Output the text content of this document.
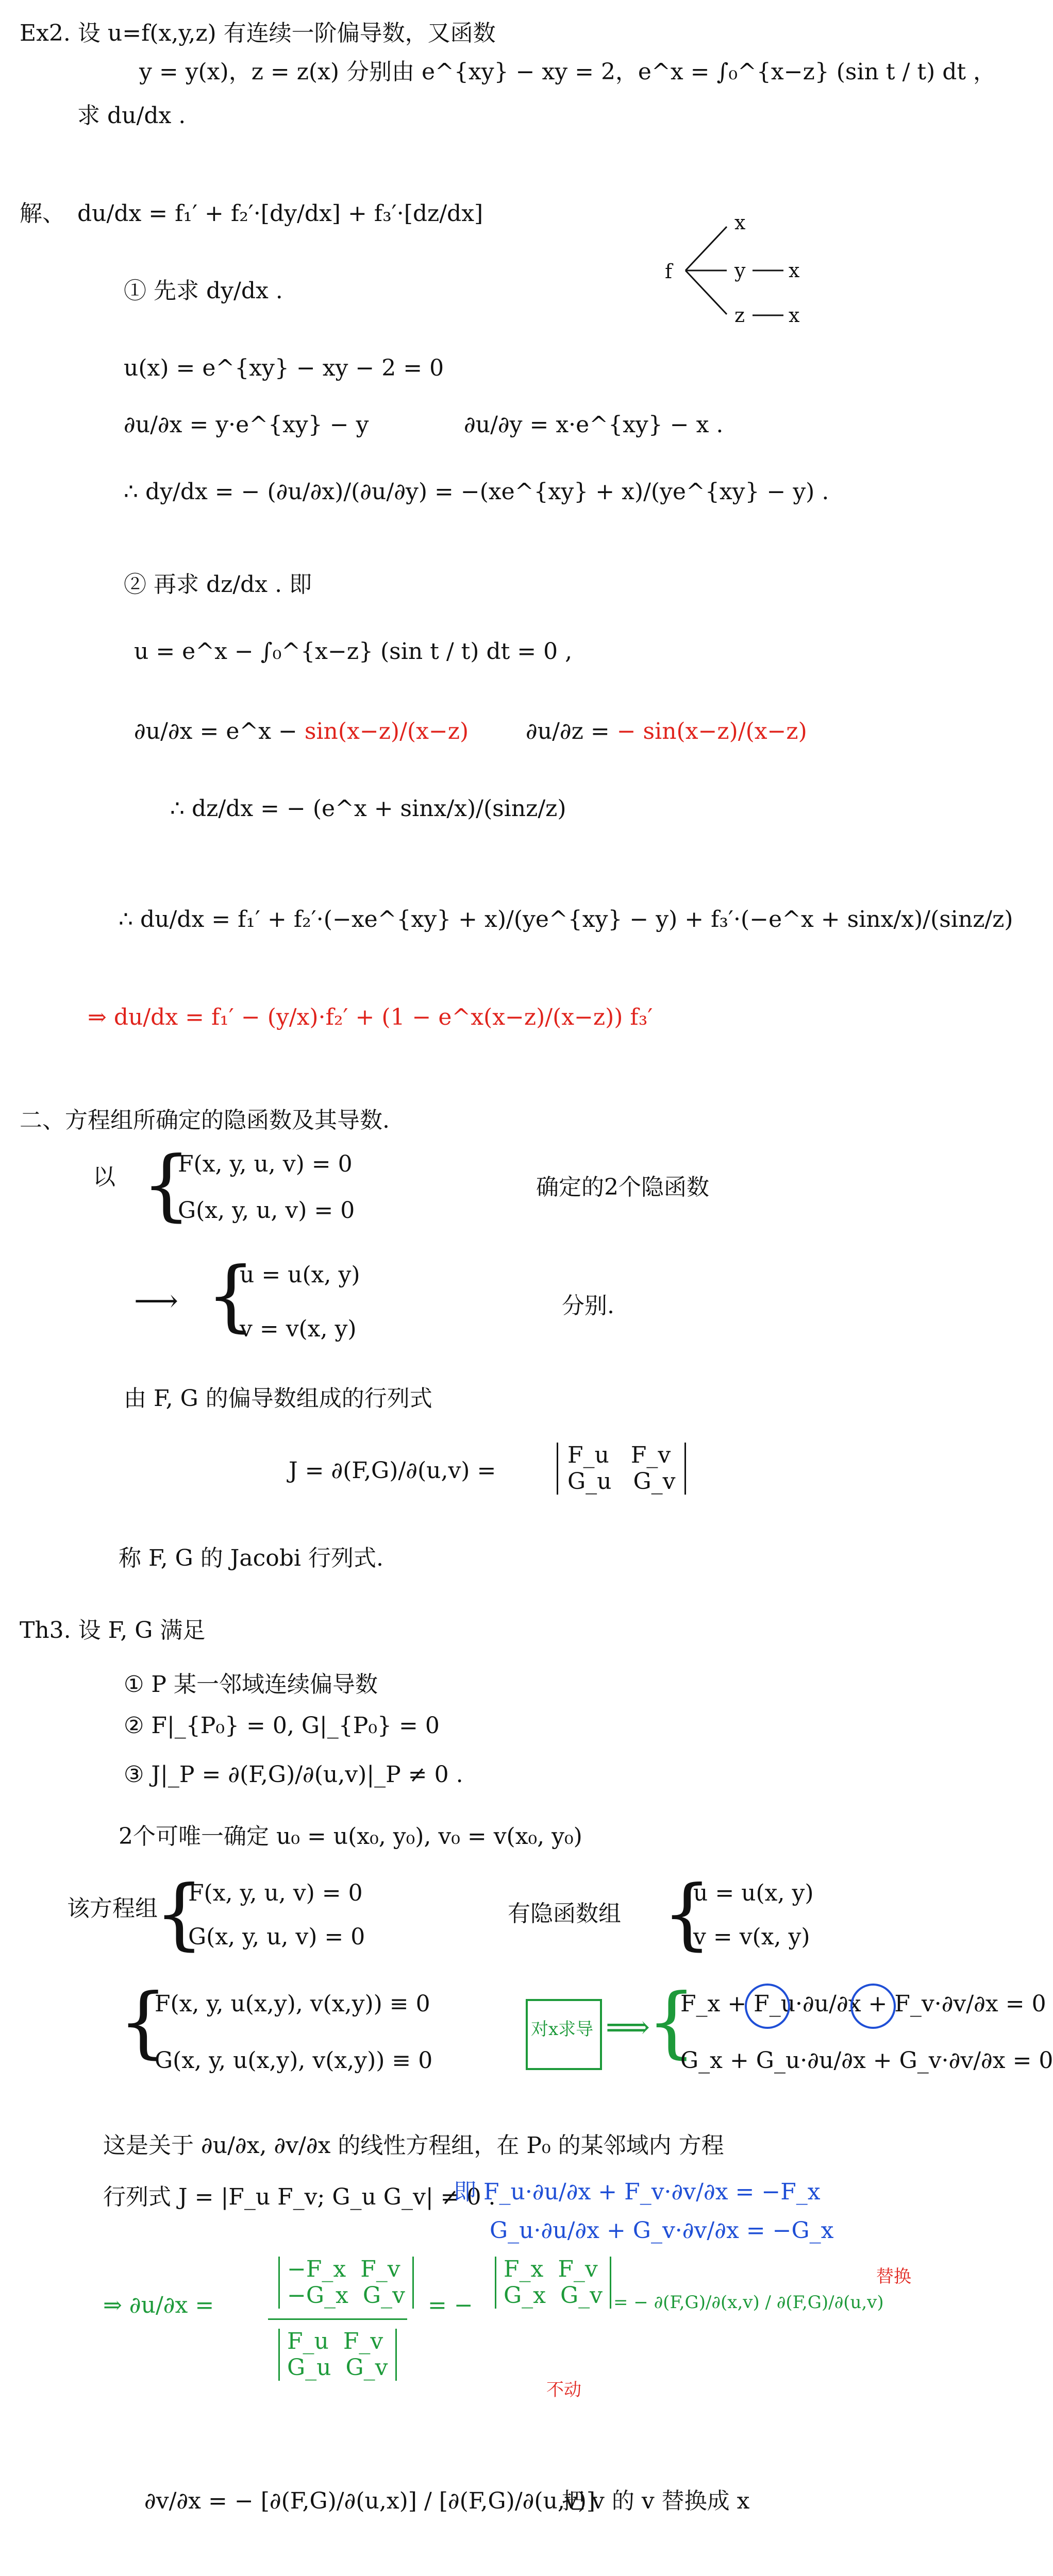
Ex2. 设 u=f(x,y,z) 有连续一阶偏导数，又函数
y = y(x)，z = z(x) 分别由 e^{xy} − xy = 2，e^x = ∫₀^{x−z} (sin t / t) dt ，
求 du/dx .
解、 du/dx = f₁′ + f₂′·[dy/dx] + f₃′·[dz/dx]
f
x
y x
z x
① 先求 dy/dx .
u(x) = e^{xy} − xy − 2 = 0
∂u/∂x = y·e^{xy} − y	∂u/∂y = x·e^{xy} − x .
∴ dy/dx = − (∂u/∂x)/(∂u/∂y) = −(xe^{xy} + x)/(ye^{xy} − y) .
② 再求 dz/dx . 即
u = e^x − ∫₀^{x−z} (sin t / t) dt = 0 ,
∂u/∂x = e^x − sin(x−z)/(x−z)	∂u/∂z = − sin(x−z)/(x−z)
∴ dz/dx = − (e^x + sinx/x)/(sinz/z)
∴ du/dx = f₁′ + f₂′·(−xe^{xy} + x)/(ye^{xy} − y) + f₃′·(−e^x + sinx/x)/(sinz/z)
⇒ du/dx = f₁′ − (y/x)·f₂′ + (1 − e^x(x−z)/(x−z)) f₃′
二、方程组所确定的隐函数及其导数.
以 {
F(x, y, u, v) = 0
G(x, y, u, v) = 0
确定的2个隐函数
⟶ {
u = u(x, y)
v = v(x, y)
分别.
由 F, G 的偏导数组成的行列式
J = ∂(F,G)/∂(u,v) =
F_u F_v
G_u G_v
称 F, G 的 Jacobi 行列式.
Th3. 设 F, G 满足
① P 某一邻域连续偏导数
② F|_{P₀} = 0, G|_{P₀} = 0
③ J|_P = ∂(F,G)/∂(u,v)|_P ≠ 0 .
2个可唯一确定 u₀ = u(x₀, y₀), v₀ = v(x₀, y₀)
该方程组
{
F(x, y, u, v) = 0
G(x, y, u, v) = 0
有隐函数组 {
u = u(x, y)
v = v(x, y)
{
F(x, y, u(x,y), v(x,y)) ≡ 0
G(x, y, u(x,y), v(x,y)) ≡ 0
对x求导 ⟹
{
F_x + F_u·∂u/∂x + F_v·∂v/∂x = 0
G_x + G_u·∂u/∂x + G_v·∂v/∂x = 0
这是关于 ∂u/∂x, ∂v/∂x 的线性方程组，在 P₀ 的某邻域内 方程
行列式 J = |F_u F_v; G_u G_v| ≠ 0 .
即 F_u·∂u/∂x + F_v·∂v/∂x = −F_x
G_u·∂u/∂x + G_v·∂v/∂x = −G_x
⇒ ∂u/∂x =
−F_x F_v
−G_x G_v
F_u F_v
G_u G_v
= −
F_x F_v
G_x G_v = − ∂(F,G)/∂(x,v) / ∂(F,G)/∂(u,v)
替换
不动
∂v/∂x = − [∂(F,G)/∂(u,x)] / [∂(F,G)/∂(u,v)]
把 v 的 v 替换成 x
